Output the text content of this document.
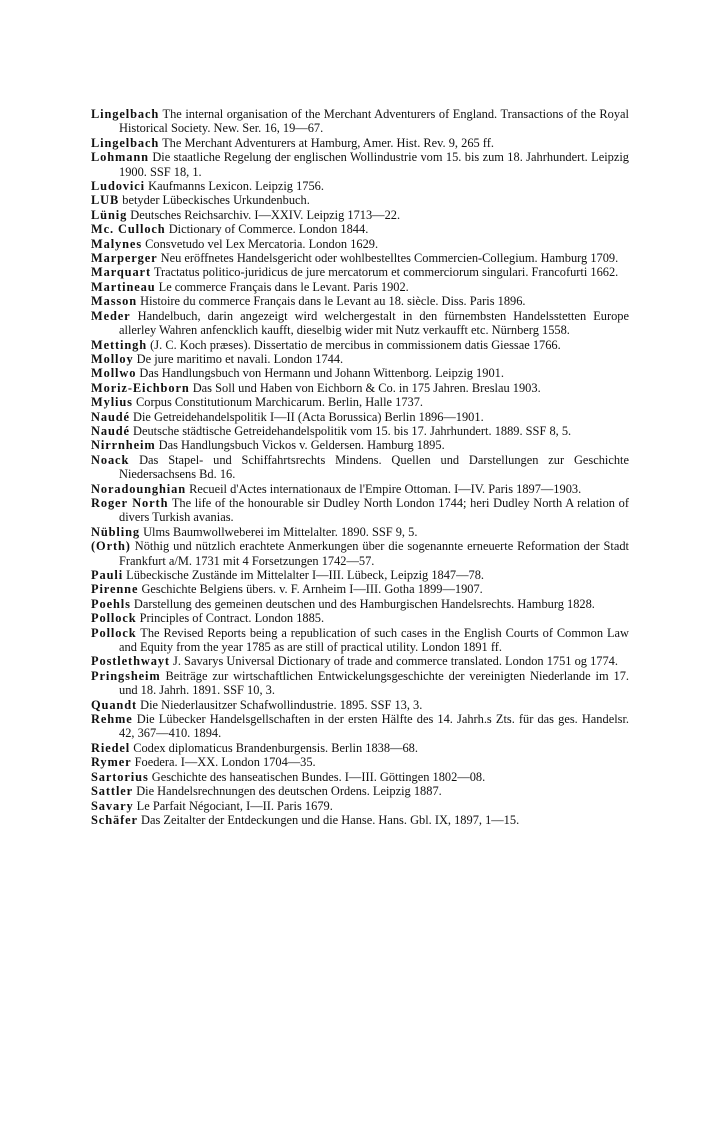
Lingelbach The internal organisation of the Merchant Adventurers of England. Transactions of the Royal Historical Society. New. Ser. 16, 19—67.

Lingelbach The Merchant Adventurers at Hamburg, Amer. Hist. Rev. 9, 265 ff.

Lohmann Die staatliche Regelung der englischen Wollindustrie vom 15. bis zum 18. Jahrhundert. Leipzig 1900. SSF 18, 1.

Ludovici Kaufmanns Lexicon. Leipzig 1756.

LUB betyder Lübeckisches Urkundenbuch.

Lünig Deutsches Reichsarchiv. I—XXIV. Leipzig 1713—22.

Mc. Culloch Dictionary of Commerce. London 1844.

Malynes Consvetudo vel Lex Mercatoria. London 1629.

Marperger Neu eröffnetes Handelsgericht oder wohlbestelltes Commercien-Collegium. Hamburg 1709.

Marquart Tractatus politico-juridicus de jure mercatorum et commerciorum singulari. Francofurti 1662.

Martineau Le commerce Français dans le Levant. Paris 1902.

Masson Histoire du commerce Français dans le Levant au 18. siècle. Diss. Paris 1896.

Meder Handelbuch, darin angezeigt wird welchergestalt in den fürnembsten Handelsstetten Europe allerley Wahren anfencklich kaufft, dieselbig wider mit Nutz verkaufft etc. Nürnberg 1558.

Mettingh (J. C. Koch præses). Dissertatio de mercibus in commissionem datis Giessae 1766.

Molloy De jure maritimo et navali. London 1744.

Mollwo Das Handlungsbuch von Hermann und Johann Wittenborg. Leipzig 1901.

Moriz-Eichborn Das Soll und Haben von Eichborn & Co. in 175 Jahren. Breslau 1903.

Mylius Corpus Constitutionum Marchicarum. Berlin, Halle 1737.

Naudé Die Getreidehandelspolitik I—II (Acta Borussica) Berlin 1896—1901.

Naudé Deutsche städtische Getreidehandelspolitik vom 15. bis 17. Jahrhundert. 1889. SSF 8, 5.

Nirrnheim Das Handlungsbuch Vickos v. Geldersen. Hamburg 1895.

Noack Das Stapel- und Schiffahrtsrechts Mindens. Quellen und Darstellungen zur Geschichte Niedersachsens Bd. 16.

Noradounghian Recueil d'Actes internationaux de l'Empire Ottoman. I—IV. Paris 1897—1903.

Roger North The life of the honourable sir Dudley North London 1744; heri Dudley North A relation of divers Turkish avanias.

Nübling Ulms Baumwollweberei im Mittelalter. 1890. SSF 9, 5.

(Orth) Nöthig und nützlich erachtete Anmerkungen über die sogenannte erneuerte Reformation der Stadt Frankfurt a/M. 1731 mit 4 Forsetzungen 1742—57.

Pauli Lübeckische Zustände im Mittelalter I—III. Lübeck, Leipzig 1847—78.

Pirenne Geschichte Belgiens übers. v. F. Arnheim I—III. Gotha 1899—1907.

Poehls Darstellung des gemeinen deutschen und des Hamburgischen Handelsrechts. Hamburg 1828.

Pollock Principles of Contract. London 1885.

Pollock The Revised Reports being a republication of such cases in the English Courts of Common Law and Equity from the year 1785 as are still of practical utility. London 1891 ff.

Postlethwayt J. Savarys Universal Dictionary of trade and commerce translated. London 1751 og 1774.

Pringsheim Beiträge zur wirtschaftlichen Entwickelungsgeschichte der vereinigten Niederlande im 17. und 18. Jahrh. 1891. SSF 10, 3.

Quandt Die Niederlausitzer Schafwollindustrie. 1895. SSF 13, 3.

Rehme Die Lübecker Handelsgellschaften in der ersten Hälfte des 14. Jahrh.s Zts. für das ges. Handelsr. 42, 367—410. 1894.

Riedel Codex diplomaticus Brandenburgensis. Berlin 1838—68.

Rymer Foedera. I—XX. London 1704—35.

Sartorius Geschichte des hanseatischen Bundes. I—III. Göttingen 1802—08.

Sattler Die Handelsrechnungen des deutschen Ordens. Leipzig 1887.

Savary Le Parfait Négociant, I—II. Paris 1679.

Schäfer Das Zeitalter der Entdeckungen und die Hanse. Hans. Gbl. IX, 1897, 1—15.
